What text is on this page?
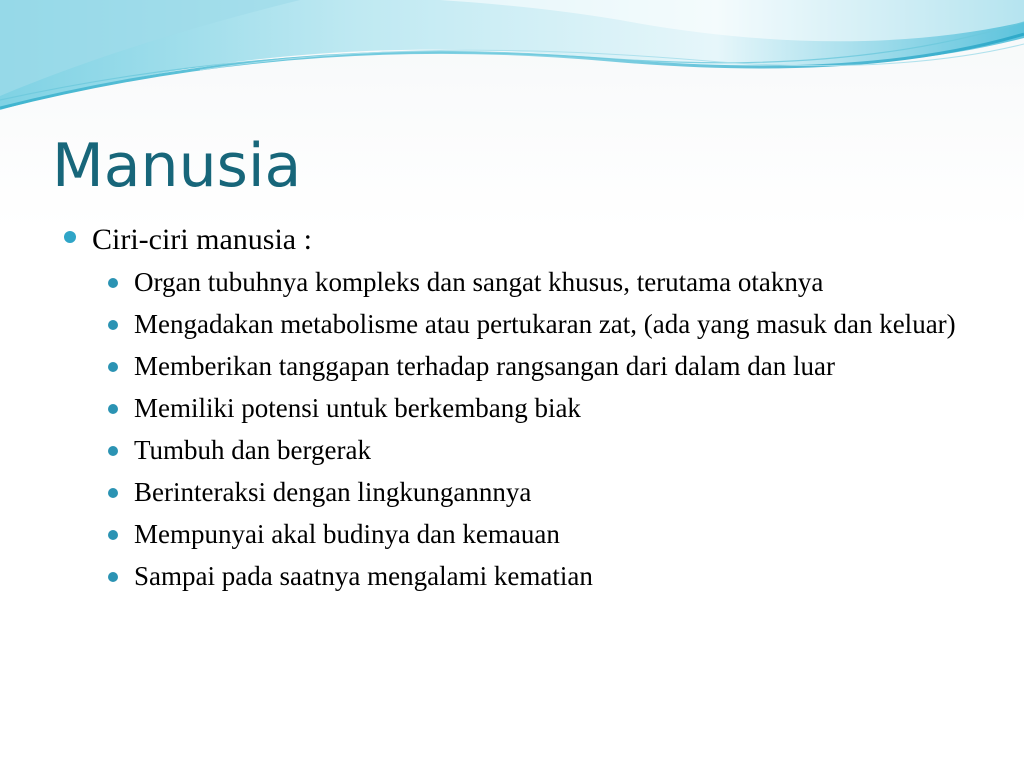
Manusia
Ciri-ciri manusia :
Organ tubuhnya kompleks dan sangat khusus, terutama otaknya
Mengadakan metabolisme atau pertukaran zat, (ada yang masuk dan keluar)
Memberikan tanggapan terhadap rangsangan dari dalam dan luar
Memiliki potensi untuk berkembang biak
Tumbuh dan bergerak
Berinteraksi dengan lingkungannnya
Mempunyai akal budinya dan kemauan
Sampai pada saatnya mengalami kematian
